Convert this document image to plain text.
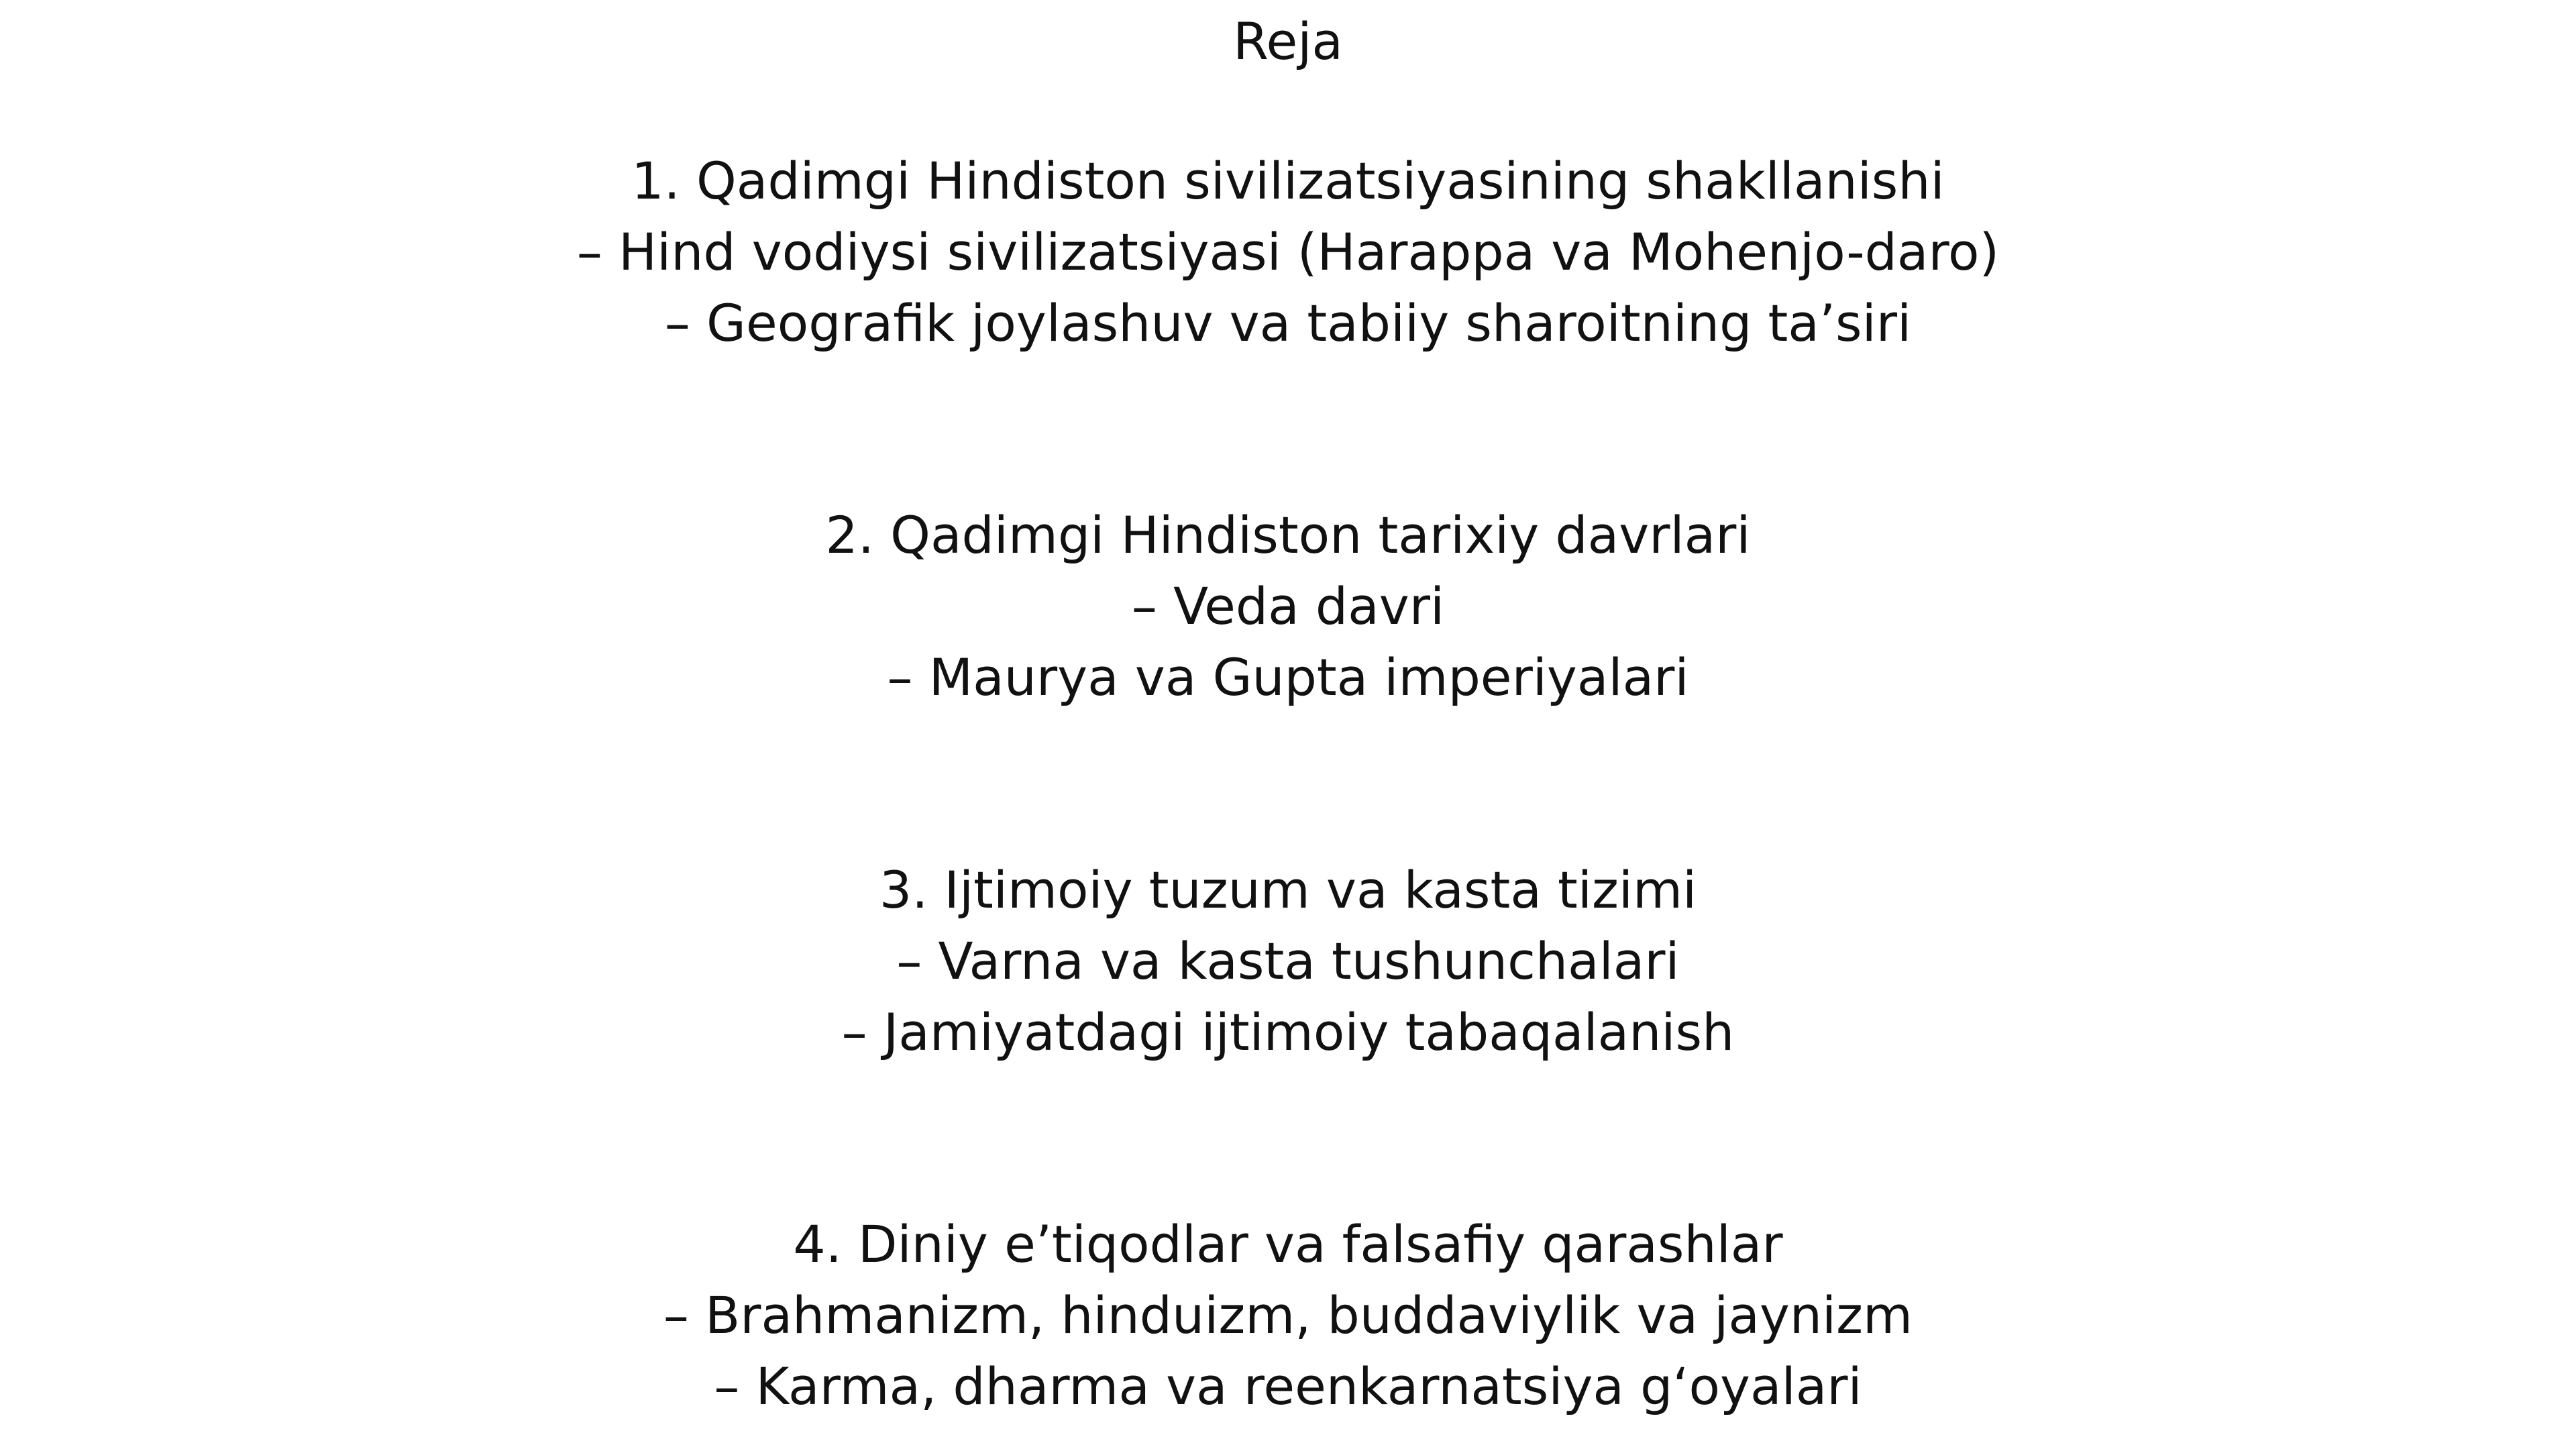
Reja

1. Qadimgi Hindiston sivilizatsiyasining shakllanishi

– Hind vodiysi sivilizatsiyasi (Harappa va Mohenjo-daro)

– Geografik joylashuv va tabiiy sharoitning ta’siri

2. Qadimgi Hindiston tarixiy davrlari

– Veda davri

– Maurya va Gupta imperiyalari

3. Ijtimoiy tuzum va kasta tizimi

– Varna va kasta tushunchalari

– Jamiyatdagi ijtimoiy tabaqalanish

4. Diniy e’tiqodlar va falsafiy qarashlar

– Brahmanizm, hinduizm, buddaviylik va jaynizm

– Karma, dharma va reenkarnatsiya g‘oyalari
